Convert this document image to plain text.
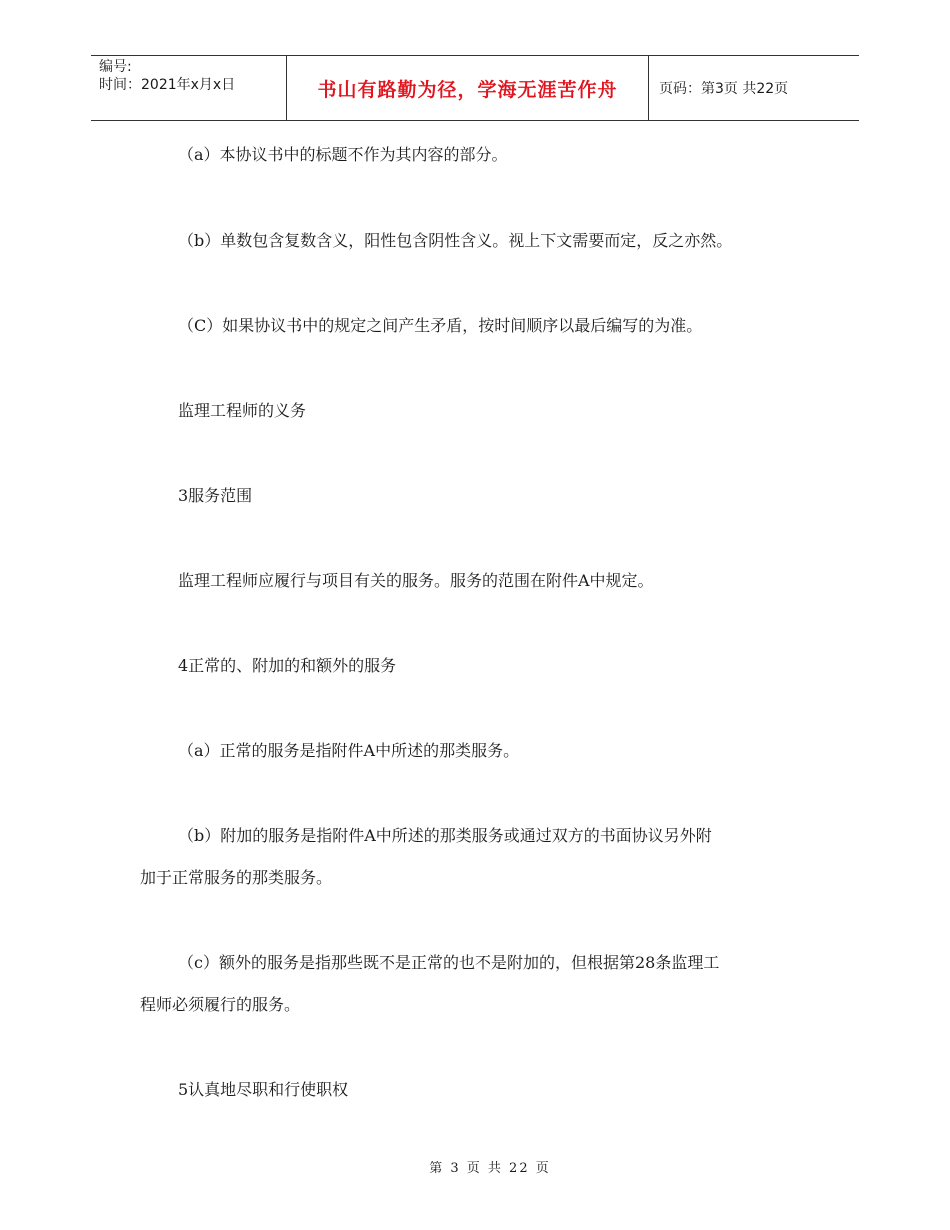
编号:
时间：2021年x月x日	书山有路勤为径，学海无涯苦作舟	页码：第3页 共22页
（a）本协议书中的标题不作为其内容的部分。
（b）单数包含复数含义，阳性包含阴性含义。视上下文需要而定，反之亦然。
（C）如果协议书中的规定之间产生矛盾，按时间顺序以最后编写的为准。
监理工程师的义务
3服务范围
监理工程师应履行与项目有关的服务。服务的范围在附件A中规定。
4正常的、附加的和额外的服务
（a）正常的服务是指附件A中所述的那类服务。
（b）附加的服务是指附件A中所述的那类服务或通过双方的书面协议另外附
加于正常服务的那类服务。
（c）额外的服务是指那些既不是正常的也不是附加的，但根据第28条监理工
程师必须履行的服务。
5认真地尽职和行使职权
第 3 页 共 22 页
